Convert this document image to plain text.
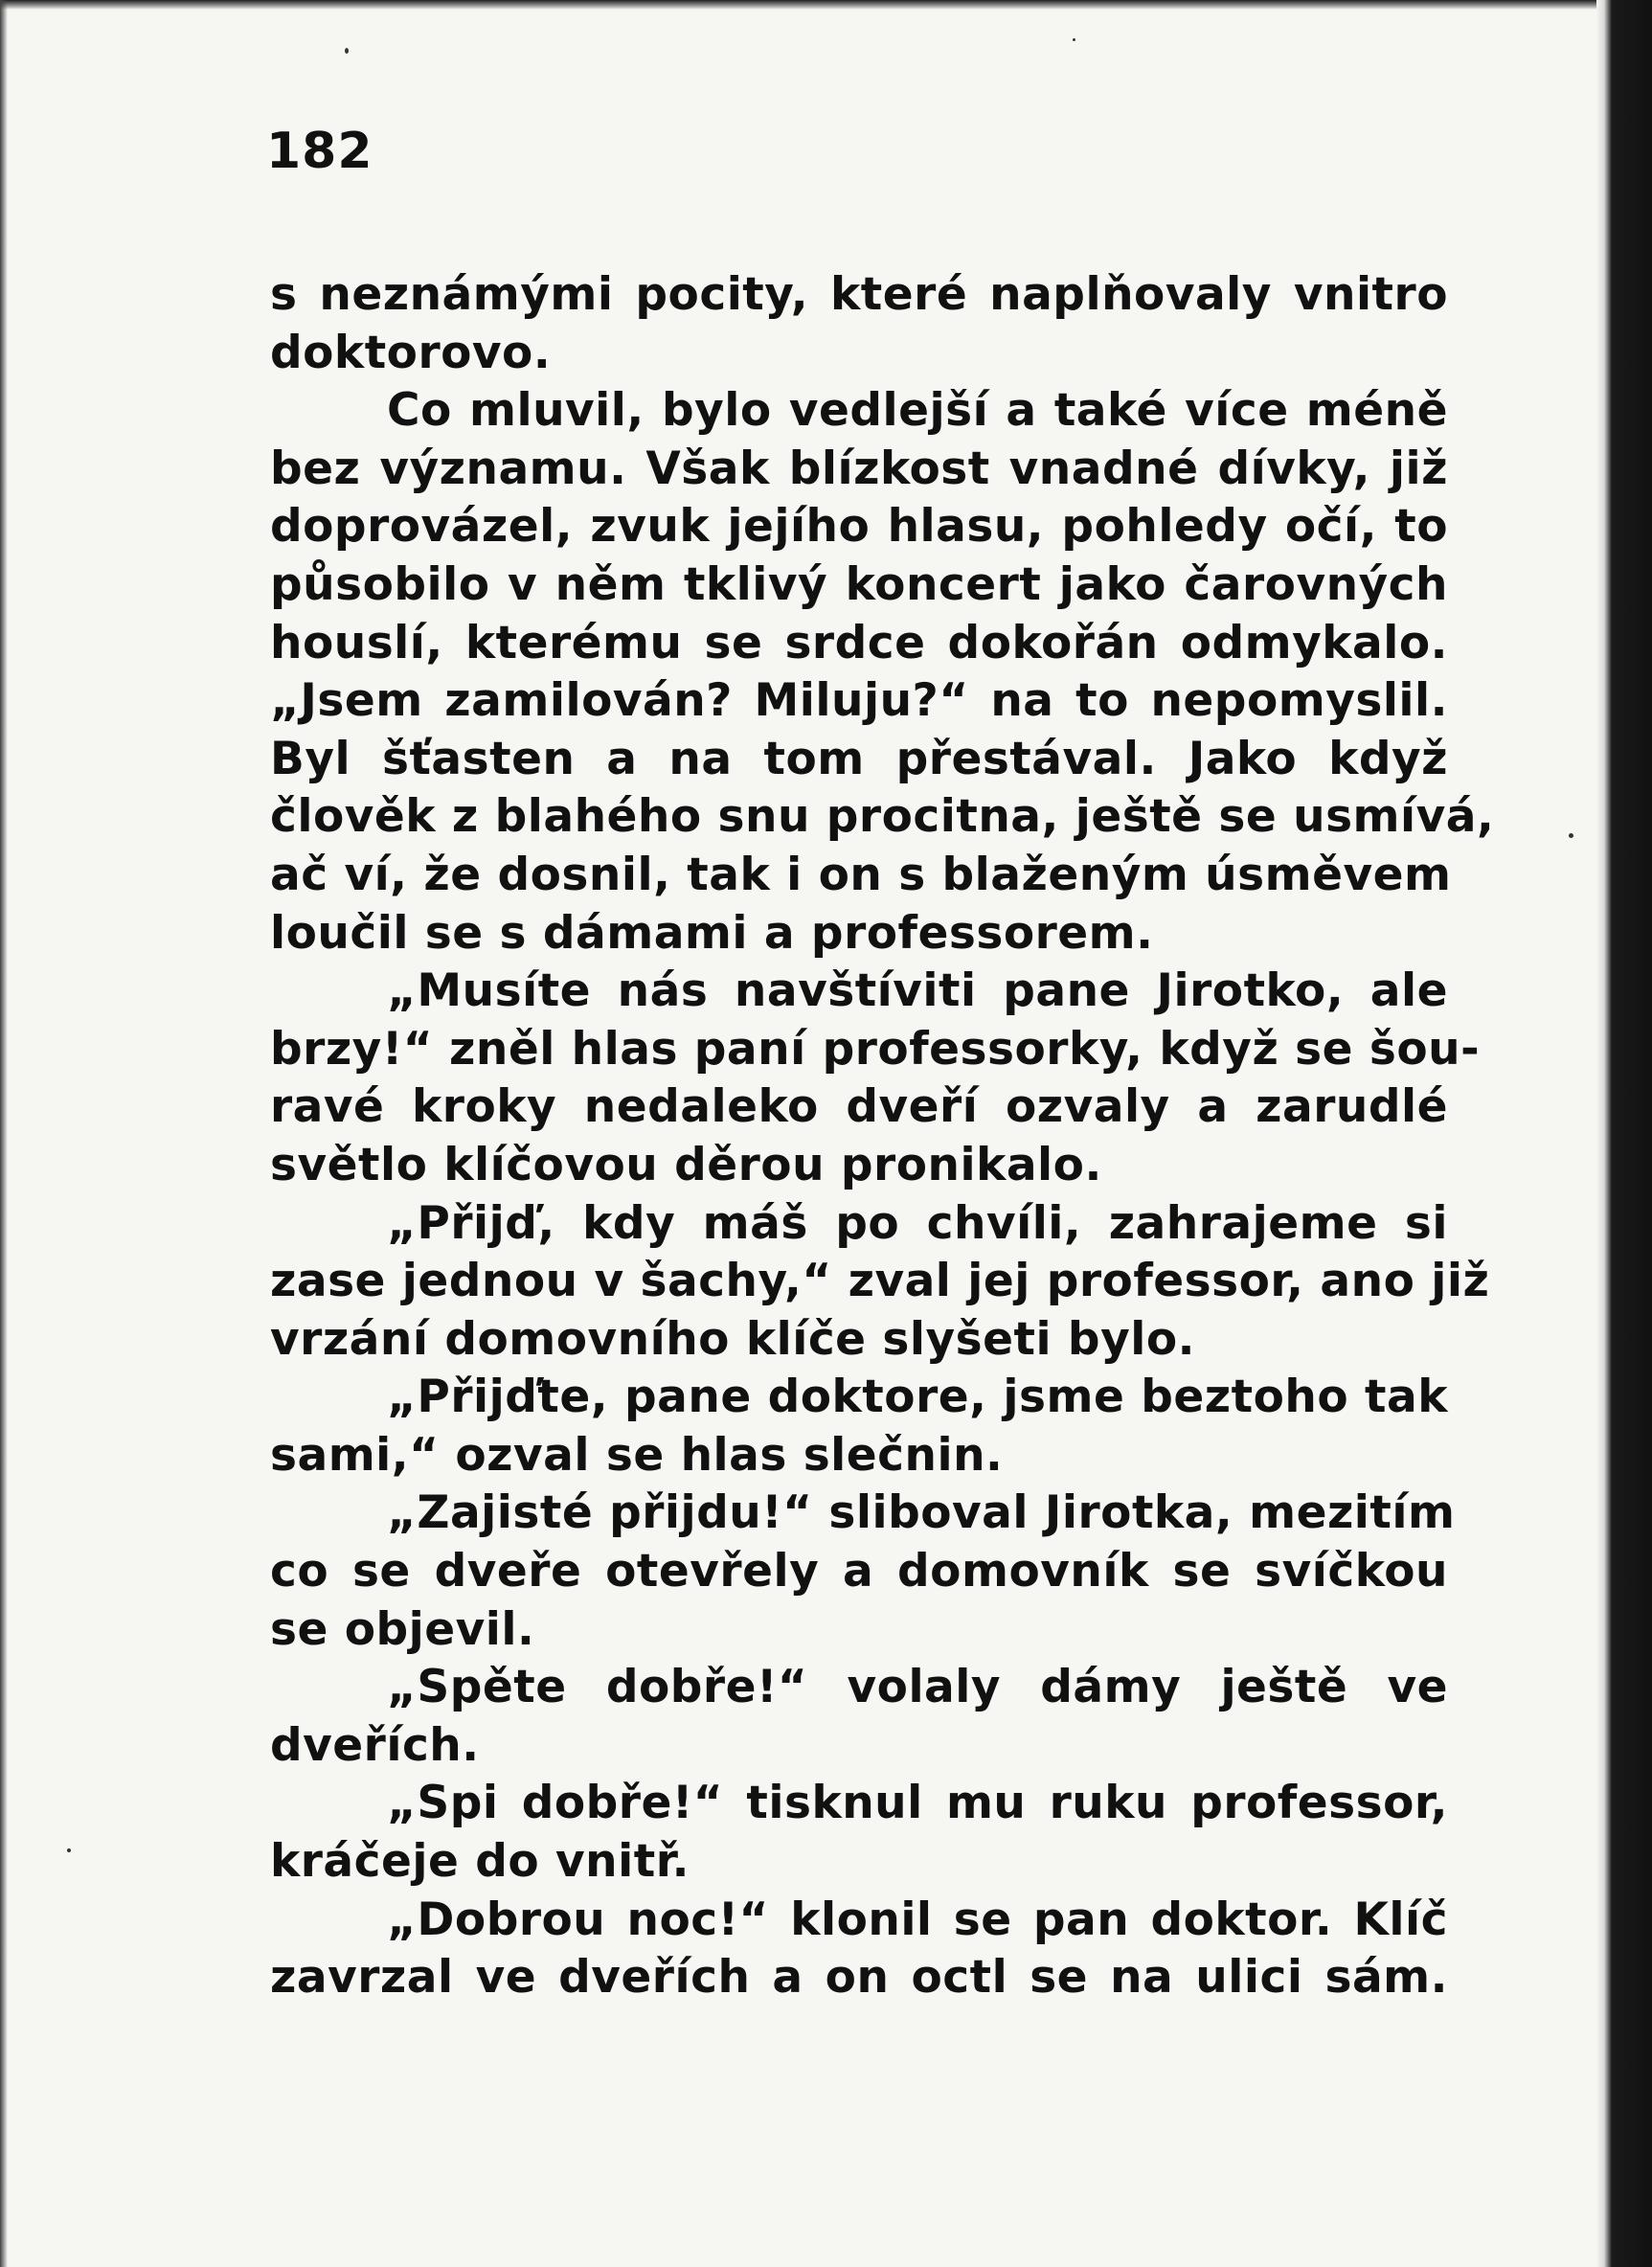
182
s neznámými pocity, které naplňovaly vnitro
doktorovo.
Co mluvil, bylo vedlejší a také více méně
bez významu. Však blízkost vnadné dívky, již
doprovázel, zvuk jejího hlasu, pohledy očí, to
působilo v něm tklivý koncert jako čarovných
houslí, kterému se srdce dokořán odmykalo.
„Jsem zamilován? Miluju?“ na to nepomyslil.
Byl šťasten a na tom přestával. Jako když
člověk z blahého snu procitna, ještě se usmívá,
ač ví, že dosnil, tak i on s blaženým úsměvem
loučil se s dámami a professorem.
„Musíte nás navštíviti pane Jirotko, ale
brzy!“ zněl hlas paní professorky, když se šou-
ravé kroky nedaleko dveří ozvaly a zarudlé
světlo klíčovou děrou pronikalo.
„Přijď, kdy máš po chvíli, zahrajeme si
zase jednou v šachy,“ zval jej professor, ano již
vrzání domovního klíče slyšeti bylo.
„Přijďte, pane doktore, jsme beztoho tak
sami,“ ozval se hlas slečnin.
„Zajisté přijdu!“ sliboval Jirotka, mezitím
co se dveře otevřely a domovník se svíčkou
se objevil.
„Spěte dobře!“ volaly dámy ještě ve
dveřích.
„Spi dobře!“ tisknul mu ruku professor,
kráčeje do vnitř.
„Dobrou noc!“ klonil se pan doktor. Klíč
zavrzal ve dveřích a on octl se na ulici sám.
